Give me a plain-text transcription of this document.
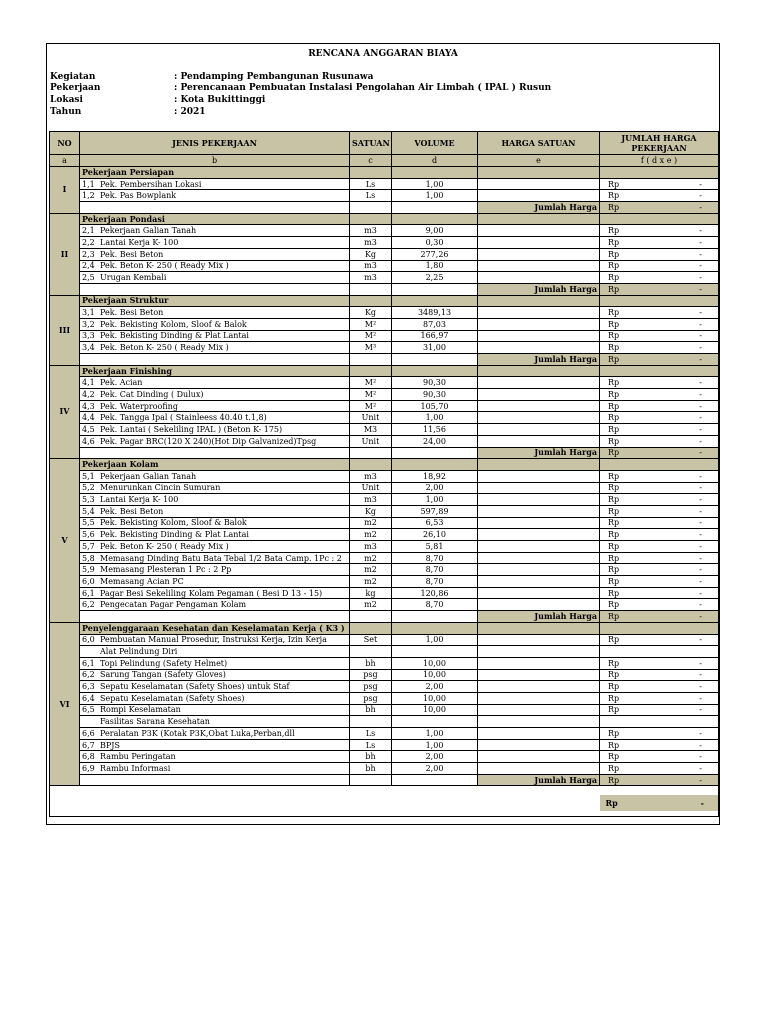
RENCANA ANGGARAN BIAYA
Kegiatan	: Pendamping Pembangunan Rusunawa
Pekerjaan	: Perencanaan Pembuatan Instalasi Pengolahan Air Limbah ( IPAL ) Rusun
Lokasi	: Kota Bukittinggi
Tahun	: 2021
NO	JENIS PEKERJAAN	SATUAN	VOLUME	HARGA SATUAN	JUMLAH HARGA PEKERJAAN
a	b	c	d	e	f ( d x e )
I	Pekerjaan Persiapan				
	1,1 Pek. Pembersihan Lokasi	Ls	1,00		Rp -

	1,2 Pek. Pas Bowplank	Ls	1,00		Rp -

				Jumlah Harga	Rp -

II	Pekerjaan Pondasi				
	2,1 Pekerjaan Galian Tanah	m3	9,00		Rp -

	2,2 Lantai Kerja K- 100	m3	0,30		Rp -

	2,3 Pek. Besi Beton	Kg	277,26		Rp -

	2,4 Pek. Beton K- 250 ( Ready Mix )	m3	1,80		Rp -

	2,5 Urugan Kembali	m3	2,25		Rp -

				Jumlah Harga	Rp -

III	Pekerjaan Struktur				
	3,1 Pek. Besi Beton	Kg	3489,13		Rp -

	3,2 Pek. Bekisting Kolom, Sloof & Balok	M²	87,03		Rp -

	3,3 Pek. Bekisting Dinding & Plat Lantai	M²	166,97		Rp -

	3,4 Pek. Beton K- 250 ( Ready Mix )	M³	31,00		Rp -

				Jumlah Harga	Rp -

IV	Pekerjaan Finishing				
	4,1 Pek. Acian	M²	90,30		Rp -

	4,2 Pek. Cat Dinding ( Dulux)	M²	90,30		Rp -

	4,3 Pek. Waterproofing	M²	105,70		Rp -

	4,4 Pek. Tangga Ipal ( Stainleess 40.40 t.1,8)	Unit	1,00		Rp -

	4,5 Pek. Lantai ( Sekeliling IPAL ) (Beton K- 175)	M3	11,56		Rp -

	4,6 Pek. Pagar BRC(120 X 240)(Hot Dip Galvanized)Tpsg	Unit	24,00		Rp -

				Jumlah Harga	Rp -

V	Pekerjaan Kolam				
	5,1 Pekerjaan Galian Tanah	m3	18,92		Rp -

	5,2 Menurunkan Cincin Sumuran	Unit	2,00		Rp -

	5,3 Lantai Kerja K- 100	m3	1,00		Rp -

	5,4 Pek. Besi Beton	Kg	597,89		Rp -

	5,5 Pek. Bekisting Kolom, Sloof & Balok	m2	6,53		Rp -

	5,6 Pek. Bekisting Dinding & Plat Lantai	m2	26,10		Rp -

	5,7 Pek. Beton K- 250 ( Ready Mix )	m3	5,81		Rp -

	5,8 Memasang Dinding Batu Bata Tebal 1/2 Bata Camp. 1Pc : 2	m2	8,70		Rp -

	5,9 Memasang Plesteran 1 Pc : 2 Pp	m2	8,70		Rp -

	6,0 Memasang Acian PC	m2	8,70		Rp -

	6,1 Pagar Besi Sekeliling Kolam Pegaman ( Besi D 13 - 15)	kg	120,86		Rp -

	6,2 Pengecatan Pagar Pengaman Kolam	m2	8,70		Rp -

				Jumlah Harga	Rp -

VI	Penyelenggaraan Kesehatan dan Keselamatan Kerja ( K3 )				
	6,0 Pembuatan Manual Prosedur, Instruksi Kerja, Izin Kerja	Set	1,00		Rp -

	Alat Pelindung Diri				
	6,1 Topi Pelindung (Safety Helmet)	bh	10,00		Rp -

	6,2 Sarung Tangan (Safety Gloves)	psg	10,00		Rp -

	6,3 Sepatu Keselamatan (Safety Shoes) untuk Staf	psg	2,00		Rp -

	6,4 Sepatu Keselamatan (Safety Shoes)	psg	10,00		Rp -

	6,5 Rompi Keselamatan	bh	10,00		Rp -

	Fasilitas Sarana Kesehatan				
	6,6 Peralatan P3K (Kotak P3K,Obat Luka,Perban,dll	Ls	1,00		Rp -

	6,7 BPJS	Ls	1,00		Rp -

	6,8 Rambu Peringatan	bh	2,00		Rp -

	6,9 Rambu Informasi	bh	2,00		Rp -

				Jumlah Harga	Rp -

					Rp -
